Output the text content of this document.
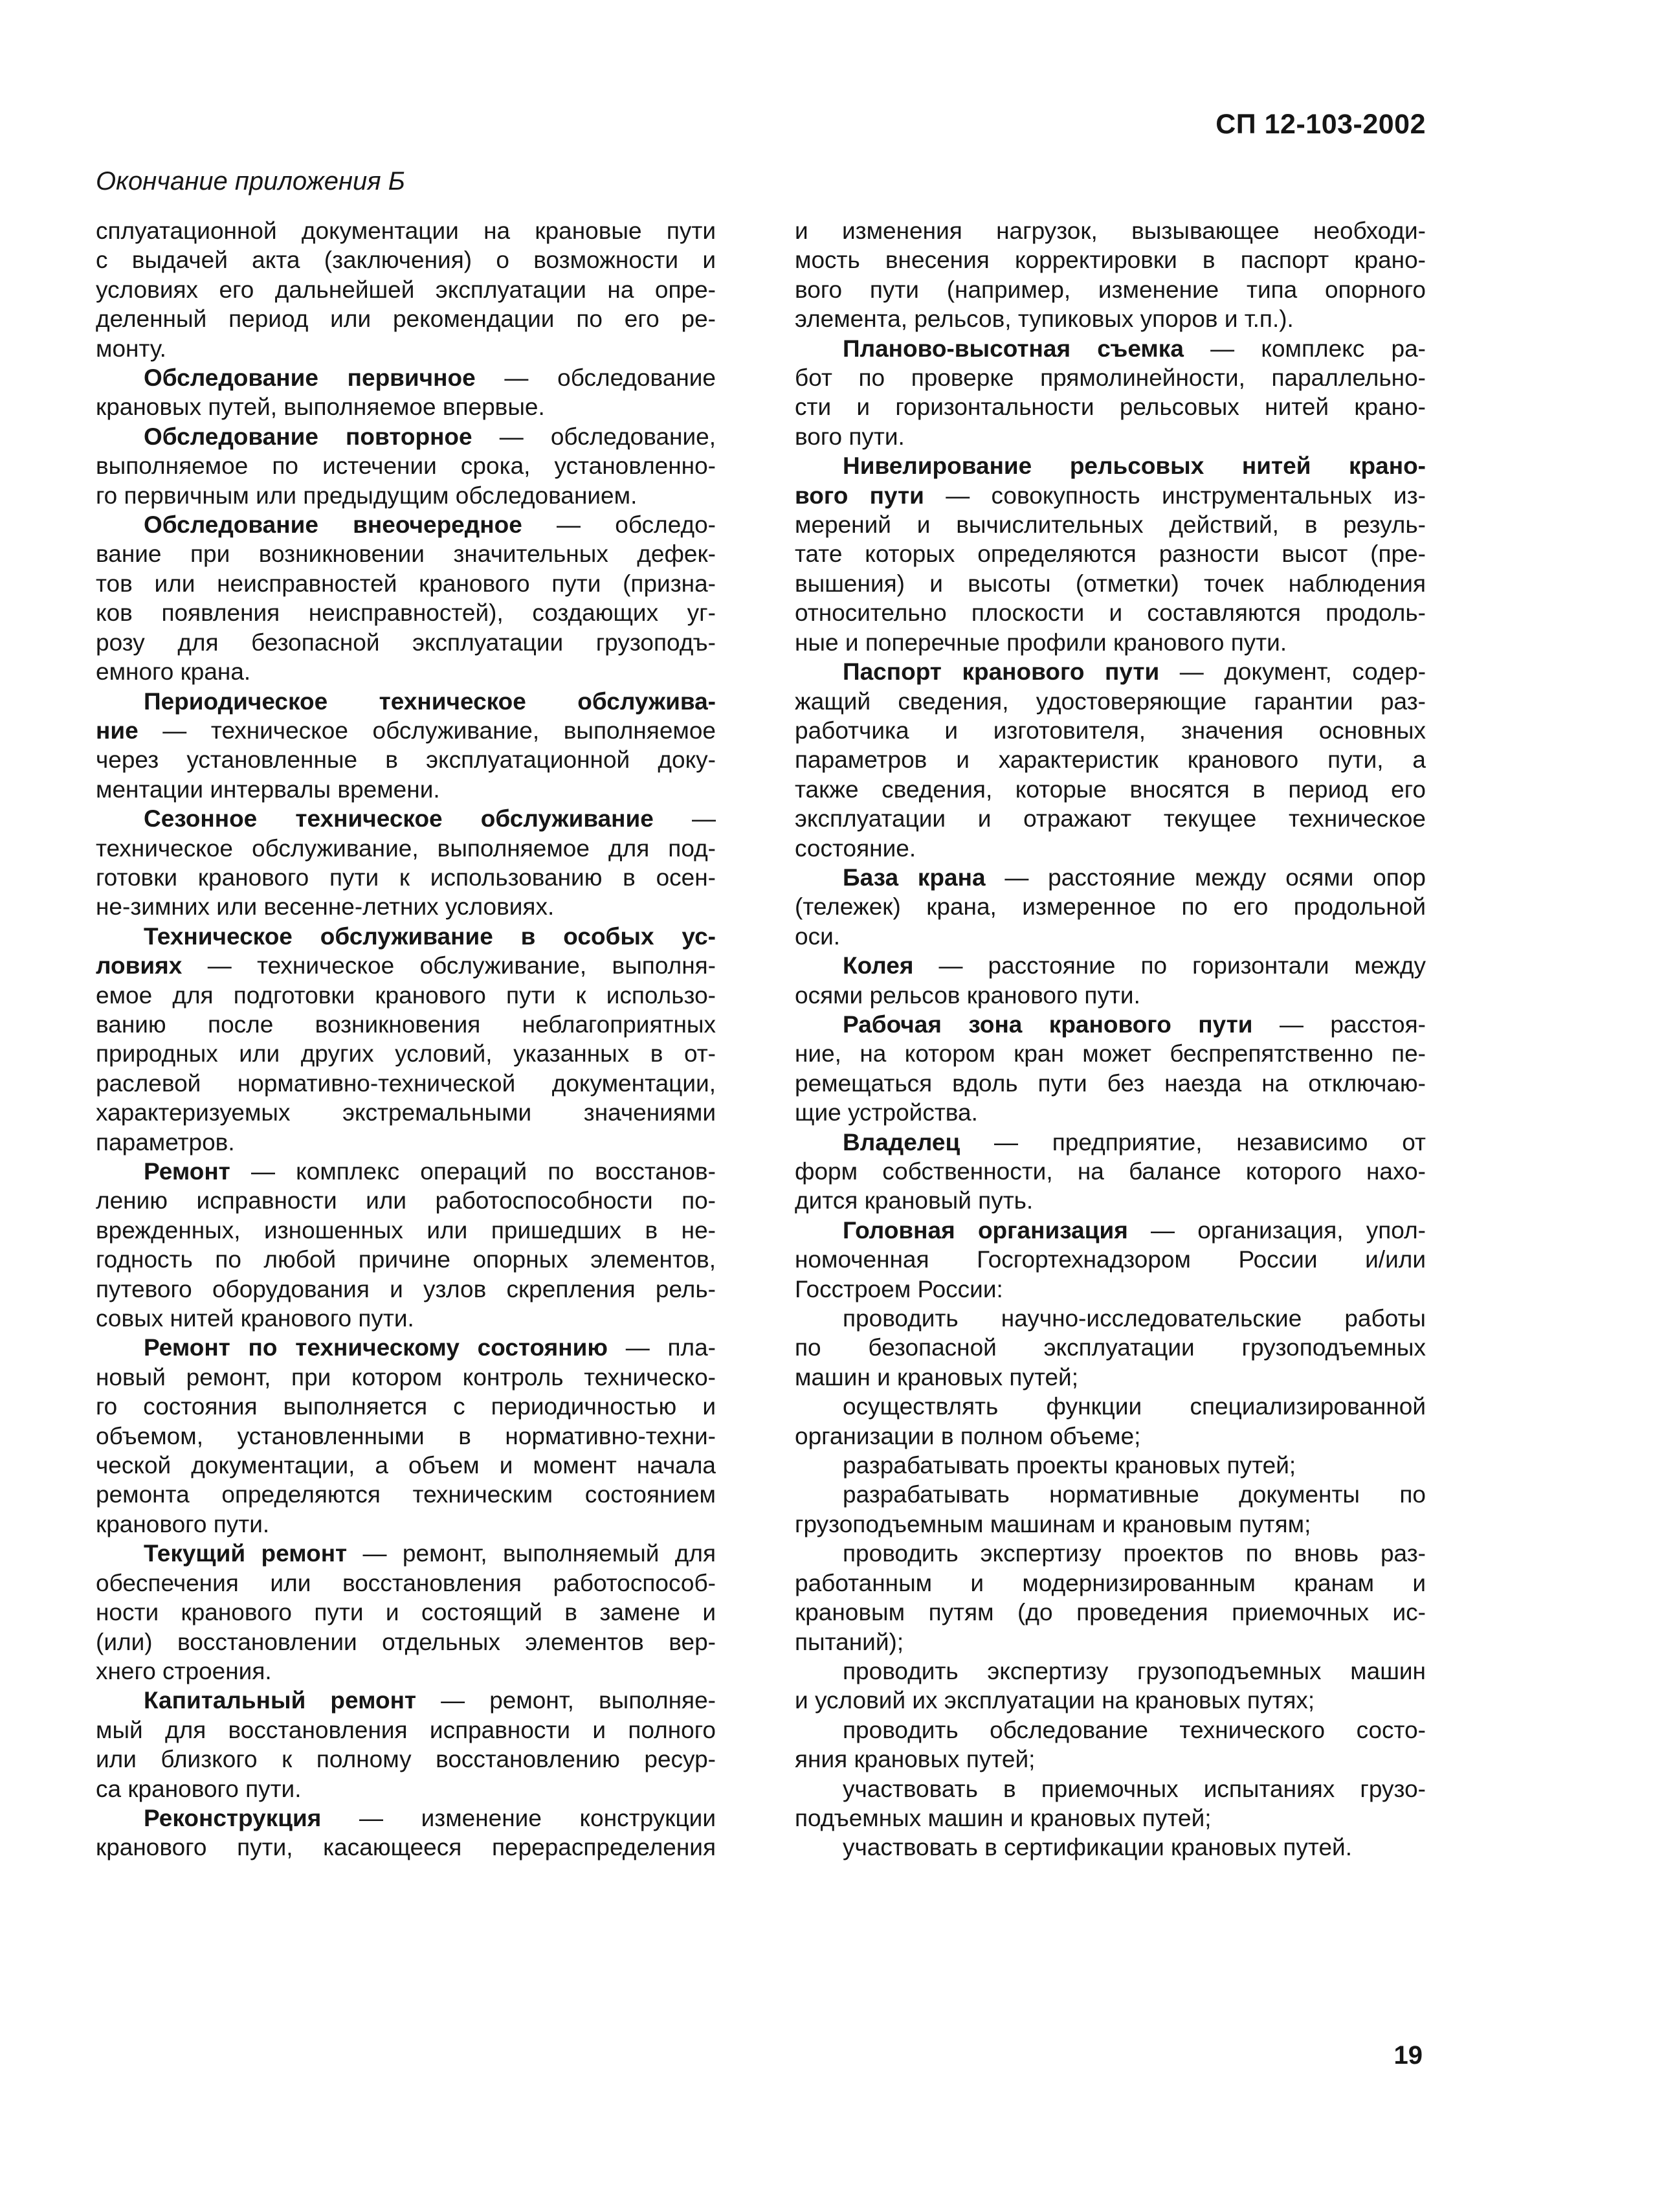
СП 12-103-2002
Окончание приложения Б
сплуатационной документации на крановые пути
с выдачей акта (заключения) о возможности и
условиях его дальнейшей эксплуатации на опре-
деленный период или рекомендации по его ре-
монту.
Обследование первичное — обследование
крановых путей, выполняемое впервые.
Обследование повторное — обследование,
выполняемое по истечении срока, установленно-
го первичным или предыдущим обследованием.
Обследование внеочередное — обследо-
вание при возникновении значительных дефек-
тов или неисправностей кранового пути (призна-
ков появления неисправностей), создающих уг-
розу для безопасной эксплуатации грузоподъ-
емного крана.
Периодическое техническое обслужива-
ние — техническое обслуживание, выполняемое
через установленные в эксплуатационной доку-
ментации интервалы времени.
Сезонное техническое обслуживание —
техническое обслуживание, выполняемое для под-
готовки кранового пути к использованию в осен-
не-зимних или весенне-летних условиях.
Техническое обслуживание в особых ус-
ловиях — техническое обслуживание, выполня-
емое для подготовки кранового пути к использо-
ванию после возникновения неблагоприятных
природных или других условий, указанных в от-
раслевой нормативно-технической документации,
характеризуемых экстремальными значениями
параметров.
Ремонт — комплекс операций по восстанов-
лению исправности или работоспособности по-
врежденных, изношенных или пришедших в не-
годность по любой причине опорных элементов,
путевого оборудования и узлов скрепления рель-
совых нитей кранового пути.
Ремонт по техническому состоянию — пла-
новый ремонт, при котором контроль техническо-
го состояния выполняется с периодичностью и
объемом, установленными в нормативно-техни-
ческой документации, а объем и момент начала
ремонта определяются техническим состоянием
кранового пути.
Текущий ремонт — ремонт, выполняемый для
обеспечения или восстановления работоспособ-
ности кранового пути и состоящий в замене и
(или) восстановлении отдельных элементов вер-
хнего строения.
Капитальный ремонт — ремонт, выполняе-
мый для восстановления исправности и полного
или близкого к полному восстановлению ресур-
са кранового пути.
Реконструкция — изменение конструкции
кранового пути, касающееся перераспределения
и изменения нагрузок, вызывающее необходи-
мость внесения корректировки в паспорт крано-
вого пути (например, изменение типа опорного
элемента, рельсов, тупиковых упоров и т.п.).
Планово-высотная съемка — комплекс ра-
бот по проверке прямолинейности, параллельно-
сти и горизонтальности рельсовых нитей крано-
вого пути.
Нивелирование рельсовых нитей крано-
вого пути — совокупность инструментальных из-
мерений и вычислительных действий, в резуль-
тате которых определяются разности высот (пре-
вышения) и высоты (отметки) точек наблюдения
относительно плоскости и составляются продоль-
ные и поперечные профили кранового пути.
Паспорт кранового пути — документ, содер-
жащий сведения, удостоверяющие гарантии раз-
работчика и изготовителя, значения основных
параметров и характеристик кранового пути, а
также сведения, которые вносятся в период его
эксплуатации и отражают текущее техническое
состояние.
База крана — расстояние между осями опор
(тележек) крана, измеренное по его продольной
оси.
Колея — расстояние по горизонтали между
осями рельсов кранового пути.
Рабочая зона кранового пути — расстоя-
ние, на котором кран может беспрепятственно пе-
ремещаться вдоль пути без наезда на отключаю-
щие устройства.
Владелец — предприятие, независимо от
форм собственности, на балансе которого нахо-
дится крановый путь.
Головная организация — организация, упол-
номоченная Госгортехнадзором России и/или
Госстроем России:
проводить научно-исследовательские работы
по безопасной эксплуатации грузоподъемных
машин и крановых путей;
осуществлять функции специализированной
организации в полном объеме;
разрабатывать проекты крановых путей;
разрабатывать нормативные документы по
грузоподъемным машинам и крановым путям;
проводить экспертизу проектов по вновь раз-
работанным и модернизированным кранам и
крановым путям (до проведения приемочных ис-
пытаний);
проводить экспертизу грузоподъемных машин
и условий их эксплуатации на крановых путях;
проводить обследование технического состо-
яния крановых путей;
участвовать в приемочных испытаниях грузо-
подъемных машин и крановых путей;
участвовать в сертификации крановых путей.
19
